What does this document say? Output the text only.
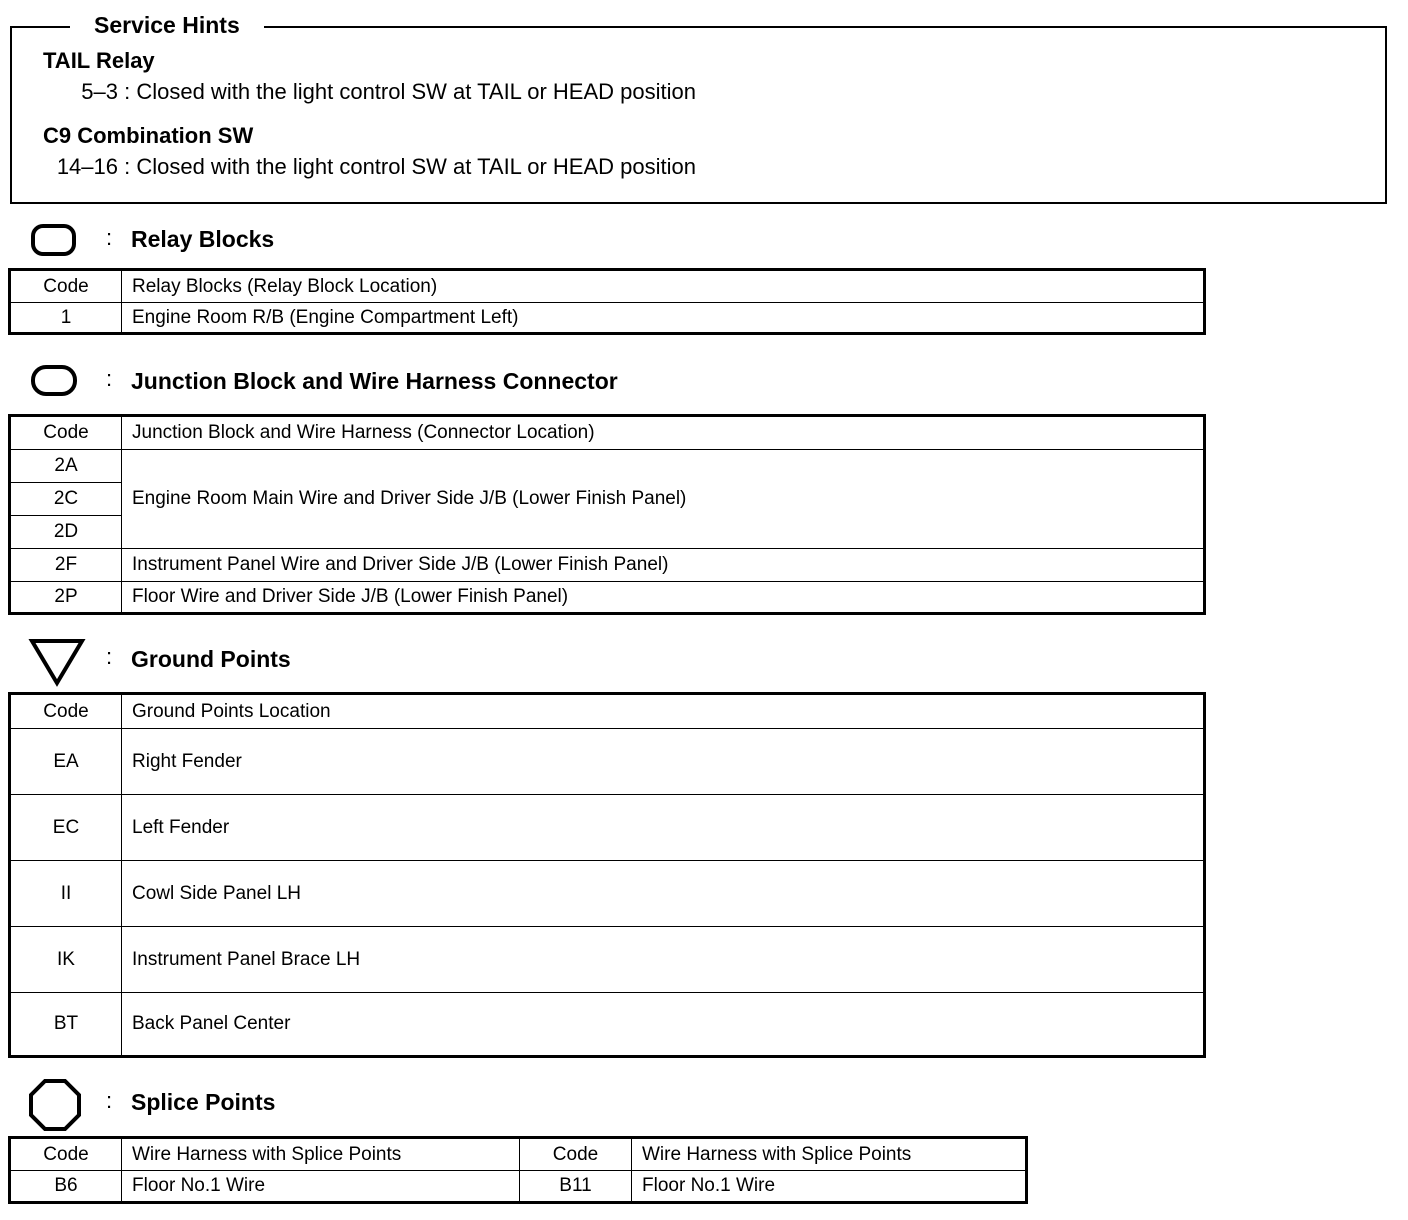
Service Hints
TAIL Relay
5–3 : Closed with the light control SW at TAIL or HEAD position
C9 Combination SW
14–16 : Closed with the light control SW at TAIL or HEAD position
: Relay Blocks
Code	Relay Blocks (Relay Block Location)
1	Engine Room R/B (Engine Compartment Left)
: Junction Block and Wire Harness Connector
Code	Junction Block and Wire Harness (Connector Location)
2A	Engine Room Main Wire and Driver Side J/B (Lower Finish Panel)
2C	
2D	
2F	Instrument Panel Wire and Driver Side J/B (Lower Finish Panel)
2P	Floor Wire and Driver Side J/B (Lower Finish Panel)
: Ground Points
Code	Ground Points Location
EA	Right Fender
EC	Left Fender
II	Cowl Side Panel LH
IK	Instrument Panel Brace LH
BT	Back Panel Center
: Splice Points
Code	Wire Harness with Splice Points	Code	Wire Harness with Splice Points
B6	Floor No.1 Wire	B11	Floor No.1 Wire
